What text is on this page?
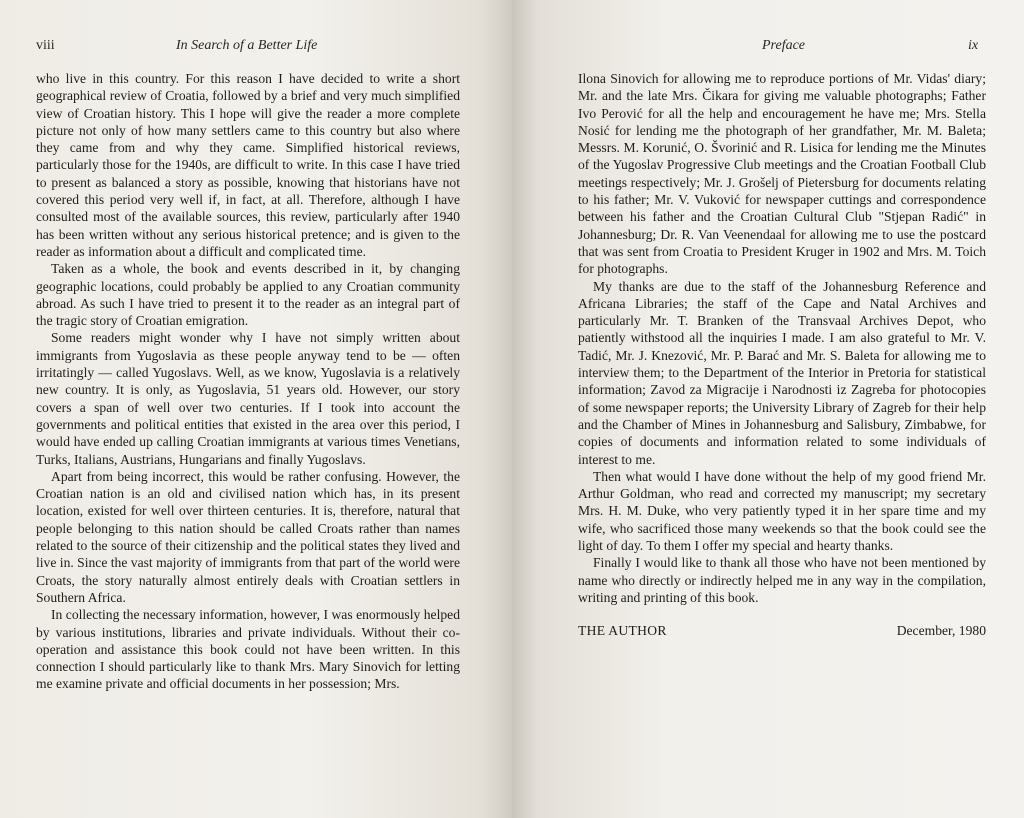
viii	In Search of a Better Life

who live in this country. For this reason I have decided to write a short geographical review of Croatia, followed by a brief and very much simplified view of Croatian history. This I hope will give the reader a more complete picture not only of how many settlers came to this country but also where they came from and why they came. Simplified historical reviews, particularly those for the 1940s, are difficult to write. In this case I have tried to present as balanced a story as possible, knowing that historians have not covered this period very well if, in fact, at all. Therefore, although I have consulted most of the available sources, this review, particularly after 1940 has been written without any serious historical pretence; and is given to the reader as information about a difficult and complicated time.

Taken as a whole, the book and events described in it, by changing geographic locations, could probably be applied to any Croatian community abroad. As such I have tried to present it to the reader as an integral part of the tragic story of Croatian emigration.

Some readers might wonder why I have not simply written about immigrants from Yugoslavia as these people anyway tend to be — often irritatingly — called Yugoslavs. Well, as we know, Yugoslavia is a relatively new country. It is only, as Yugoslavia, 51 years old. However, our story covers a span of well over two centuries. If I took into account the governments and political entities that existed in the area over this period, I would have ended up calling Croatian immigrants at various times Venetians, Turks, Italians, Austrians, Hungarians and finally Yugoslavs.

Apart from being incorrect, this would be rather confusing. However, the Croatian nation is an old and civilised nation which has, in its present location, existed for well over thirteen centuries. It is, therefore, natural that people belonging to this nation should be called Croats rather than names related to the source of their citizenship and the political states they lived and live in. Since the vast majority of immigrants from that part of the world were Croats, the story naturally almost entirely deals with Croatian settlers in Southern Africa.

In collecting the necessary information, however, I was enormously helped by various institutions, libraries and private individuals. Without their co-operation and assistance this book could not have been written. In this connection I should particularly like to thank Mrs. Mary Sinovich for letting me examine private and official documents in her possession; Mrs.

Preface	ix

Ilona Sinovich for allowing me to reproduce portions of Mr. Vidas' diary; Mr. and the late Mrs. Čikara for giving me valuable photographs; Father Ivo Perović for all the help and encouragement he have me; Mrs. Stella Nosić for lending me the photograph of her grandfather, Mr. M. Baleta; Messrs. M. Korunić, O. Švorinić and R. Lisica for lending me the Minutes of the Yugoslav Progressive Club meetings and the Croatian Football Club meetings respectively; Mr. J. Grošelj of Pietersburg for documents relating to his father; Mr. V. Vuković for newspaper cuttings and correspondence between his father and the Croatian Cultural Club "Stjepan Radić" in Johannesburg; Dr. R. Van Veenendaal for allowing me to use the postcard that was sent from Croatia to President Kruger in 1902 and Mrs. M. Toich for photographs.

My thanks are due to the staff of the Johannesburg Reference and Africana Libraries; the staff of the Cape and Natal Archives and particularly Mr. T. Branken of the Transvaal Archives Depot, who patiently withstood all the inquiries I made. I am also grateful to Mr. V. Tadić, Mr. J. Knezović, Mr. P. Barać and Mr. S. Baleta for allowing me to interview them; to the Department of the Interior in Pretoria for statistical information; Zavod za Migracije i Narodnosti iz Zagreba for photocopies of some newspaper reports; the University Library of Zagreb for their help and the Chamber of Mines in Johannesburg and Salisbury, Zimbabwe, for copies of documents and information related to some individuals of interest to me.

Then what would I have done without the help of my good friend Mr. Arthur Goldman, who read and corrected my manuscript; my secretary Mrs. H. M. Duke, who very patiently typed it in her spare time and my wife, who sacrificed those many weekends so that the book could see the light of day. To them I offer my special and hearty thanks.

Finally I would like to thank all those who have not been mentioned by name who directly or indirectly helped me in any way in the compilation, writing and printing of this book.

THE AUTHOR	December, 1980
